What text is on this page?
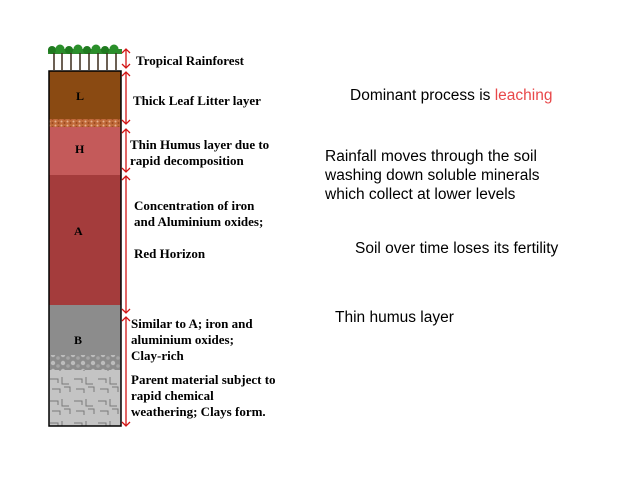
L
H
A
B
Tropical Rainforest
Thick Leaf Litter layer
Thin Humus layer due to
rapid decomposition
Concentration of iron
and Aluminium oxides;
Red Horizon
Similar to A; iron and
aluminium oxides;
Clay-rich
Parent material subject to
rapid chemical
weathering; Clays form.
Dominant process is leaching
Rainfall moves through the soil
washing down soluble minerals
which collect at lower levels
Soil over time loses its fertility
Thin humus layer
